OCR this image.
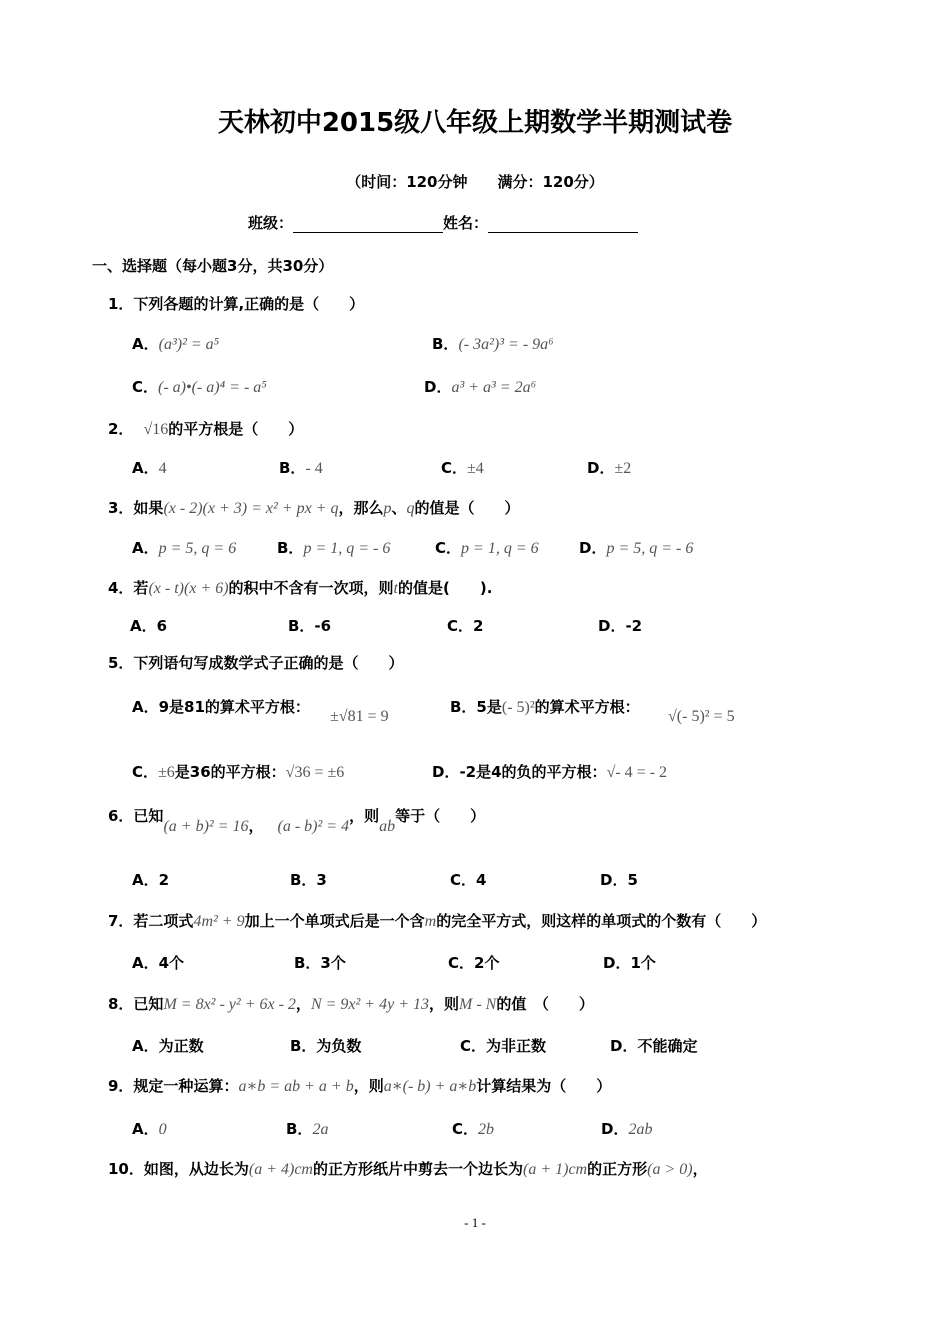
天林初中2015级八年级上期数学半期测试卷
（时间：120分钟　　满分：120分）
班级：	姓名：
一、选择题（每小题3分，共30分）
1．下列各题的计算,正确的是（　　）
A．(a³)² = a⁵	B．(- 3a²)³ = - 9a⁶
C．(- a)•(- a)⁴ = - a⁵	D．a³ + a³ = 2a⁶
2． √16的平方根是（　　）
A．4	B．- 4	C．±4	D．±2
3．如果(x - 2)(x + 3) = x² + px + q，那么p、q的值是（　　）
A．p = 5, q = 6	B．p = 1, q = - 6	C．p = 1, q = 6	D．p = 5, q = - 6
4．若(x - t)(x + 6)的积中不含有一次项，则t的值是(　　).
A．6	B．-6	C．2	D．-2
5．下列语句写成数学式子正确的是（　　）
A．9是81的算术平方根：
±√81 = 9
B．5是(- 5)²的算术平方根：
√(- 5)² = 5
C．±6是36的平方根：√36 = ±6	D．-2是4的负的平方根：√- 4 = - 2
6．已知(a + b)² = 16， (a - b)² = 4，则ab等于（　　）
A．2	B．3	C．4	D．5
7．若二项式4m² + 9加上一个单项式后是一个含m的完全平方式，则这样的单项式的个数有（　　）
A．4个	B．3个	C．2个	D．1个
8．已知M = 8x² - y² + 6x - 2，N = 9x² + 4y + 13，则M - N的值　（　　）
A．为正数	B．为负数	C．为非正数	D．不能确定
9．规定一种运算：a∗b = ab + a + b，则a∗(- b) + a∗b计算结果为（　　）
A．0	B．2a	C．2b	D．2ab
10．如图，从边长为(a + 4)cm的正方形纸片中剪去一个边长为(a + 1)cm的正方形(a > 0)，
- 1 -
